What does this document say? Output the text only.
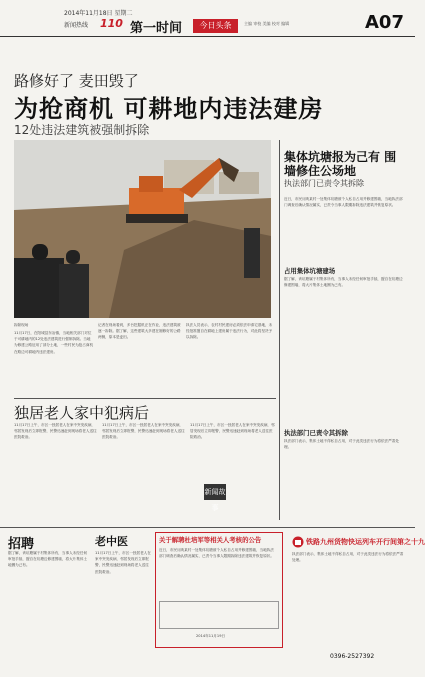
2014年11月18日 星期二
新闻热线 110 第一时间	今日头条	主编 审校 美编 校对 编辑	A07
路修好了 麦田毁了
为抢商机 可耕地内违法建房
12处违法建筑被强制拆除
拆除现场
11月17日，在阳城县东冶镇，当地相关部门对位于可耕地内的12处违法建筑进行强制拆除。当地为修建公路征用了部分土地，一些村民为抢占商机在路边可耕地内违法建房。
记者在现场看到，多台挖掘机正在作业，违法建筑被逐一拆除。据了解，这些建筑大多建在刚修好的公路两侧，原本是麦田。
执法人员表示，农村村民建房必须依法申请宅基地，未经批准擅自在耕地上建房属于违法行为，对此将坚决予以拆除。
集体坑塘报为己有 围墙修住公场地
执法部门已责令其拆除
近日，市民反映某村一处集体坑塘被个人私自占用并修建围墙，当地执法部门调查后确认情况属实，已责令当事人限期拆除违法建筑并恢复原状。
占用集体坑塘建场
据了解，该坑塘属于村集体所有，当事人未经任何审批手续，擅自在坑塘边修建围墙，将大片集体土地圈为己有。
执法部门已责令其拆除
执法部门表示，集体土地不得私自占用，对于此类违法行为将依法严肃处理。
独居老人家中犯病后
11月17日上午，市区一独居老人在家中突发疾病，邻居发现后立即报警，民警迅速赶到现场将老人送往医院救治。
11月17日上午，市区一独居老人在家中突发疾病，邻居发现后立即报警，民警迅速赶到现场将老人送往医院救治。
11月17日上午，市区一独居老人在家中突发疾病，邻居发现后立即报警，民警迅速赶到现场将老人送往医院救治。
新闻故事
招聘
据了解，该坑塘属于村集体所有，当事人未经任何审批手续，擅自在坑塘边修建围墙，将大片集体土地圈为己有。
老中医
11月17日上午，市区一独居老人在家中突发疾病，邻居发现后立即报警，民警迅速赶到现场将老人送往医院救治。
关于解聘杜培军等相关人考核的公告
近日，市民反映某村一处集体坑塘被个人私自占用并修建围墙，当地执法部门调查后确认情况属实，已责令当事人限期拆除违法建筑并恢复原状。
2014年11月19日
铁路九州货物快运列车开行间第之十九
执法部门表示，集体土地不得私自占用，对于此类违法行为将依法严肃处理。
0396-2527392
